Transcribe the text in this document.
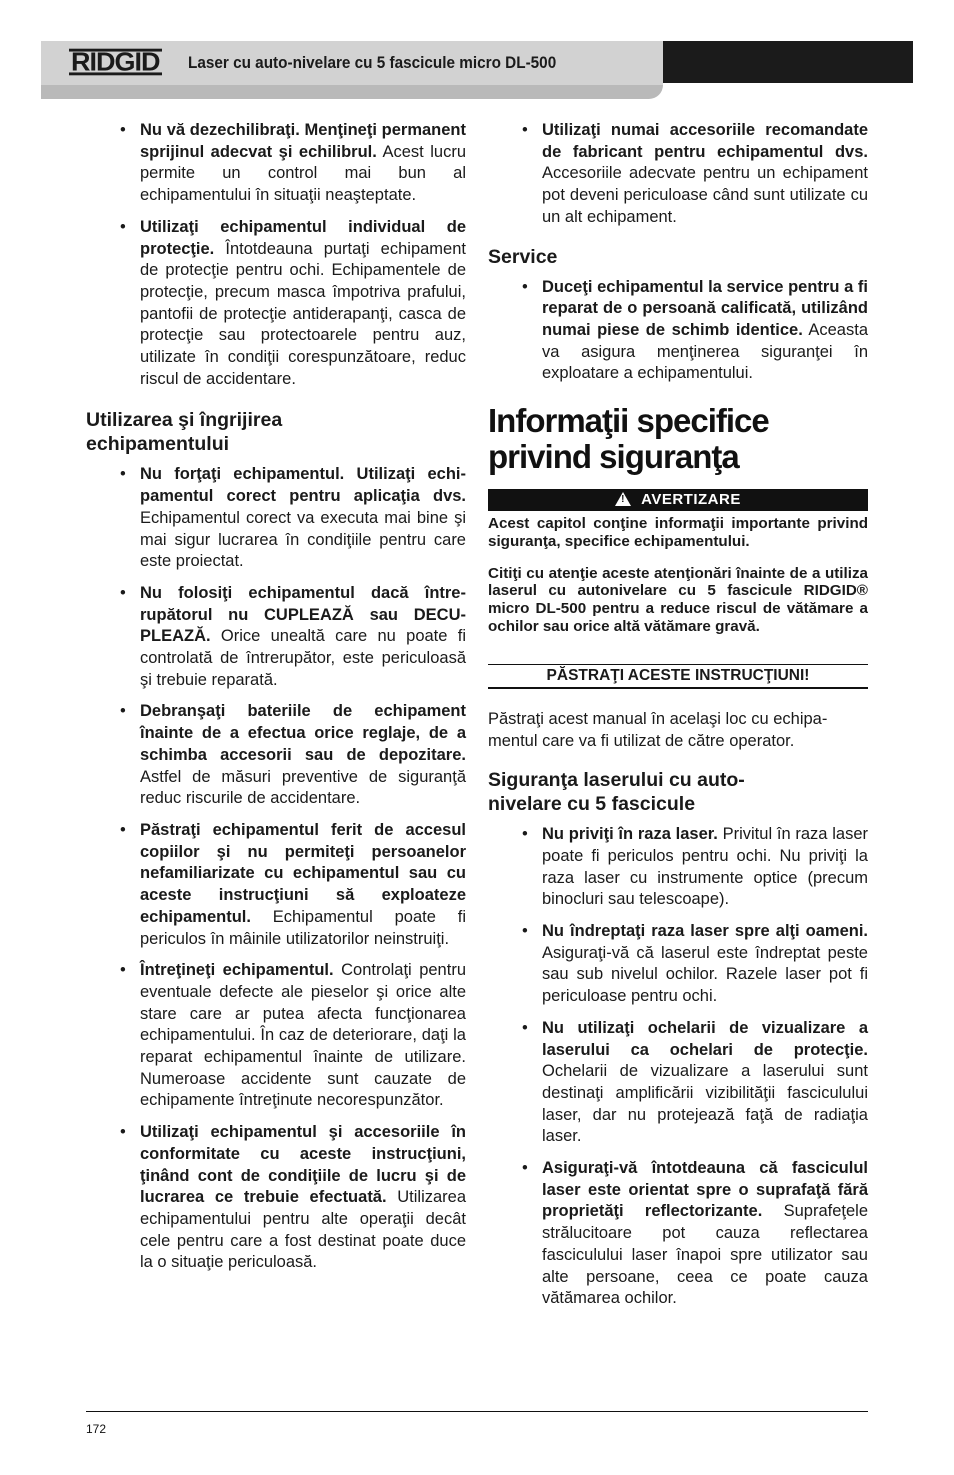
RIDGID Laser cu auto-nivelare cu 5 fascicule micro DL-500
• Nu vă dezechilibraţi. Menţineţi permanent sprijinul adecvat şi echilibrul. Acest lucru permite un control mai bun al echipamentului în situaţii neaşteptate.
• Utilizaţi echipamentul individual de protecţie. Întotdeauna purtaţi echipament de protecţie pentru ochi. Echipamentele de protecţie, precum masca împotriva prafului, pantofii de protecţie antiderapanţi, casca de protecţie sau protectoarele pentru auz, utilizate în condiţii corespunzătoare, reduc riscul de accidentare.
Utilizarea şi îngrijirea echipamentului
• Nu forţaţi echipamentul. Utilizaţi echipamentul corect pentru aplicaţia dvs. Echipamentul corect va executa mai bine şi mai sigur lucrarea în condiţiile pentru care este proiectat.
• Nu folosiţi echipamentul dacă întrerupătorul nu CUPLEAZĂ sau DECUPLEAZĂ. Orice unealtă care nu poate fi controlată de întrerupător, este periculoasă şi trebuie reparată.
• Debranşaţi bateriile de echipament înainte de a efectua orice reglaje, de a schimba accesorii sau de depozitare. Astfel de măsuri preventive de siguranţă reduc riscurile de accidentare.
• Păstraţi echipamentul ferit de accesul copiilor şi nu permiteţi persoanelor nefamiliarizate cu echipamentul sau cu aceste instrucţiuni să exploateze echipamentul. Echipamentul poate fi periculos în mâinile utilizatorilor neinstruiţi.
• Întreţineţi echipamentul. Controlaţi pentru eventuale defecte ale pieselor şi orice alte stare care ar putea afecta funcţionarea echipamentului. În caz de deteriorare, daţi la reparat echipamentul înainte de utilizare. Numeroase accidente sunt cauzate de echipamente întreţinute necorespunzător.
• Utilizaţi echipamentul şi accesoriile în conformitate cu aceste instrucţiuni, ţinând cont de condiţiile de lucru şi de lucrarea ce trebuie efectuată. Utilizarea echipamentului pentru alte operaţii decât cele pentru care a fost destinat poate duce la o situaţie periculoasă.
• Utilizaţi numai accesoriile recomandate de fabricant pentru echipamentul dvs. Accesoriile adecvate pentru un echipament pot deveni periculoase când sunt utilizate cu un alt echipament.
Service
• Duceţi echipamentul la service pentru a fi reparat de o persoană calificată, utilizând numai piese de schimb identice. Aceasta va asigura menţinerea siguranţei în exploatare a echipamentului.
Informaţii specifice
privind siguranţa
!AVERTIZARE
Acest capitol conţine informaţii importante privind siguranţa, specifice echipamentului.
Citiţi cu atenţie aceste atenţionări înainte de a utiliza laserul cu autonivelare cu 5 fascicule RIDGID® micro DL-500 pentru a reduce riscul de vătămare a ochilor sau orice altă vătămare gravă.
PĂSTRAŢI ACESTE INSTRUCŢIUNI!
Păstraţi acest manual în acelaşi loc cu echipamentul care va fi utilizat de către operator.
Siguranţa laserului cu auto-nivelare cu 5 fascicule
• Nu priviţi în raza laser. Privitul în raza laser poate fi periculos pentru ochi. Nu priviţi la raza laser cu instrumente optice (precum binocluri sau telescoape).
• Nu îndreptaţi raza laser spre alţi oameni. Asiguraţi-vă că laserul este îndreptat peste sau sub nivelul ochilor. Razele laser pot fi periculoase pentru ochi.
• Nu utilizaţi ochelarii de vizualizare a laserului ca ochelari de protecţie. Ochelarii de vizualizare a laserului sunt destinaţi amplificării vizibilităţii fasciculului laser, dar nu protejează faţă de radiaţia laser.
• Asiguraţi-vă întotdeauna că fasciculul laser este orientat spre o suprafaţă fără proprietăţi reflectorizante. Suprafeţele strălucitoare pot cauza reflectarea fasciculului laser înapoi spre utilizator sau alte persoane, ceea ce poate cauza vătămarea ochilor.
172
